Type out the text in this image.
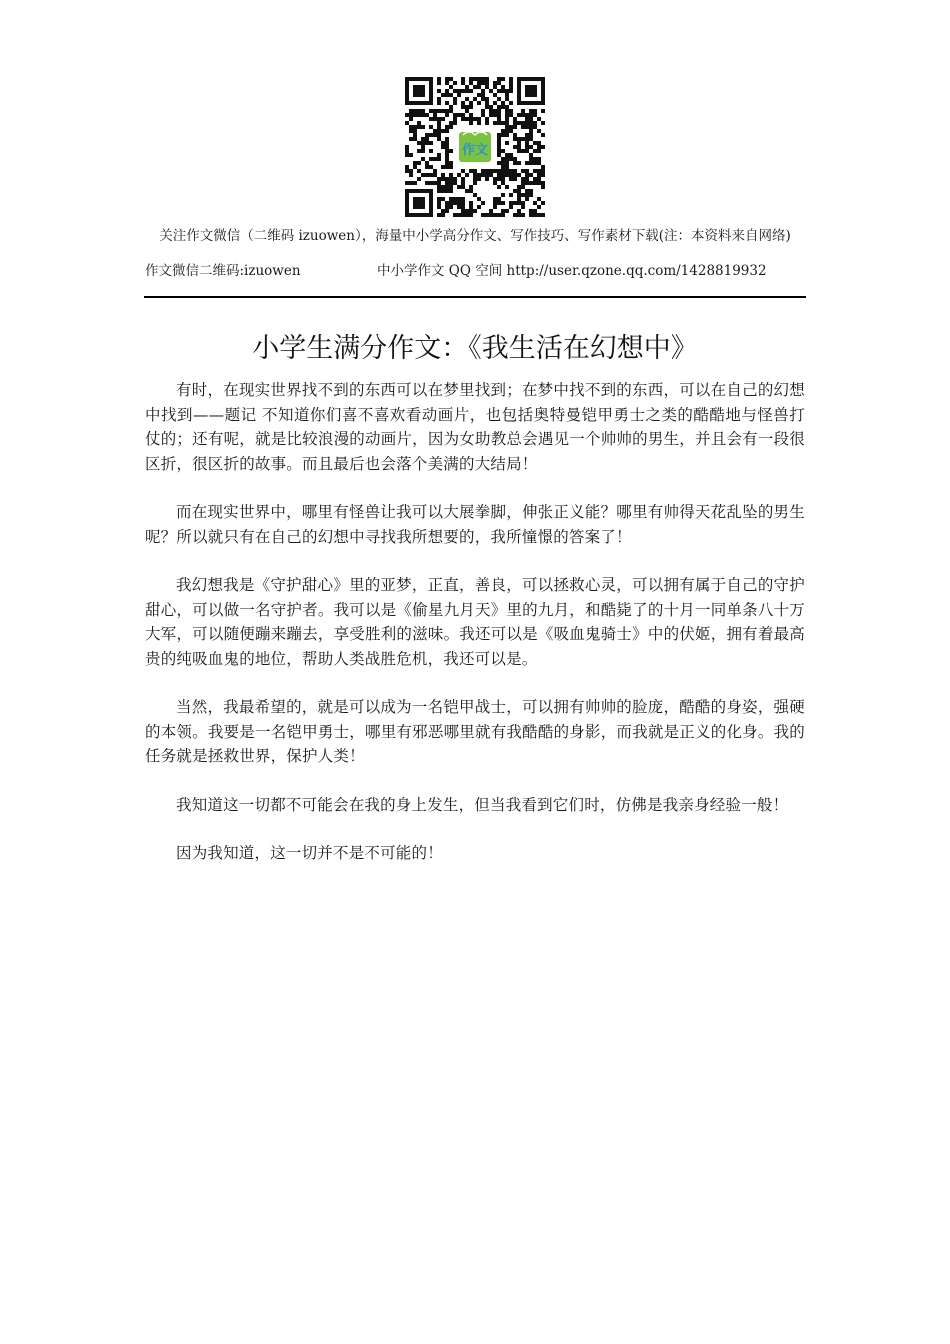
作文
关注作文微信（二维码 izuowen），海量中小学高分作文、写作技巧、写作素材下载(注：本资料来自网络)
作文微信二维码:izuowen	中小学作文 QQ 空间 http://user.qzone.qq.com/1428819932
小学生满分作文：《我生活在幻想中》

有时，在现实世界找不到的东西可以在梦里找到；在梦中找不到的东西，可以在自己的幻想中找到——题记 不知道你们喜不喜欢看动画片，也包括奥特曼铠甲勇士之类的酷酷地与怪兽打仗的；还有呢，就是比较浪漫的动画片，因为女助教总会遇见一个帅帅的男生，并且会有一段很区折，很区折的故事。而且最后也会落个美满的大结局！

而在现实世界中，哪里有怪兽让我可以大展拳脚，伸张正义能？哪里有帅得天花乱坠的男生呢？所以就只有在自己的幻想中寻找我所想要的，我所憧憬的答案了！

我幻想我是《守护甜心》里的亚梦，正直，善良，可以拯救心灵，可以拥有属于自己的守护甜心，可以做一名守护者。我可以是《偷星九月天》里的九月，和酷毙了的十月一同单条八十万大军，可以随便蹦来蹦去，享受胜利的滋味。我还可以是《吸血鬼骑士》中的伏姬，拥有着最高贵的纯吸血鬼的地位，帮助人类战胜危机，我还可以是。

当然，我最希望的，就是可以成为一名铠甲战士，可以拥有帅帅的脸庞，酷酷的身姿，强硬的本领。我要是一名铠甲勇士，哪里有邪恶哪里就有我酷酷的身影，而我就是正义的化身。我的任务就是拯救世界，保护人类！

我知道这一切都不可能会在我的身上发生，但当我看到它们时，仿佛是我亲身经验一般！

因为我知道，这一切并不是不可能的！
